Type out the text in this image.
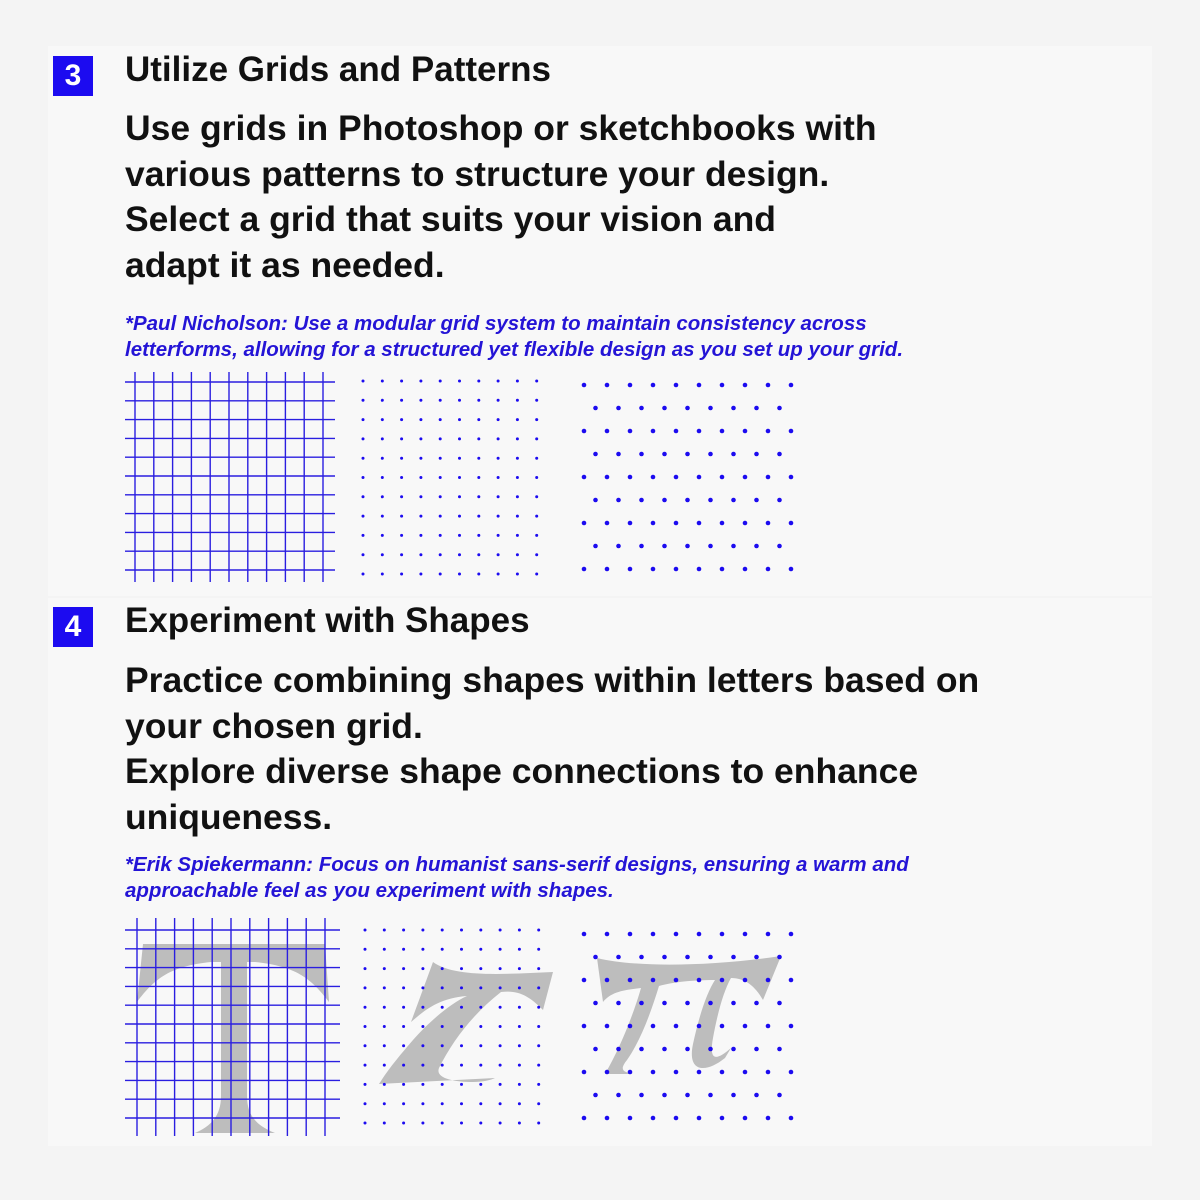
3	Utilize Grids and Patterns
Use grids in Photoshop or sketchbooks with
various patterns to structure your design.
Select a grid that suits your vision and
adapt it as needed.
*Paul Nicholson: Use a modular grid system to maintain consistency across
letterforms, allowing for a structured yet flexible design as you set up your grid.
4	Experiment with Shapes
Practice combining shapes within letters based on
your chosen grid.
Explore diverse shape connections to enhance
uniqueness.
*Erik Spiekermann: Focus on humanist sans-serif designs, ensuring a warm and
approachable feel as you experiment with shapes.
